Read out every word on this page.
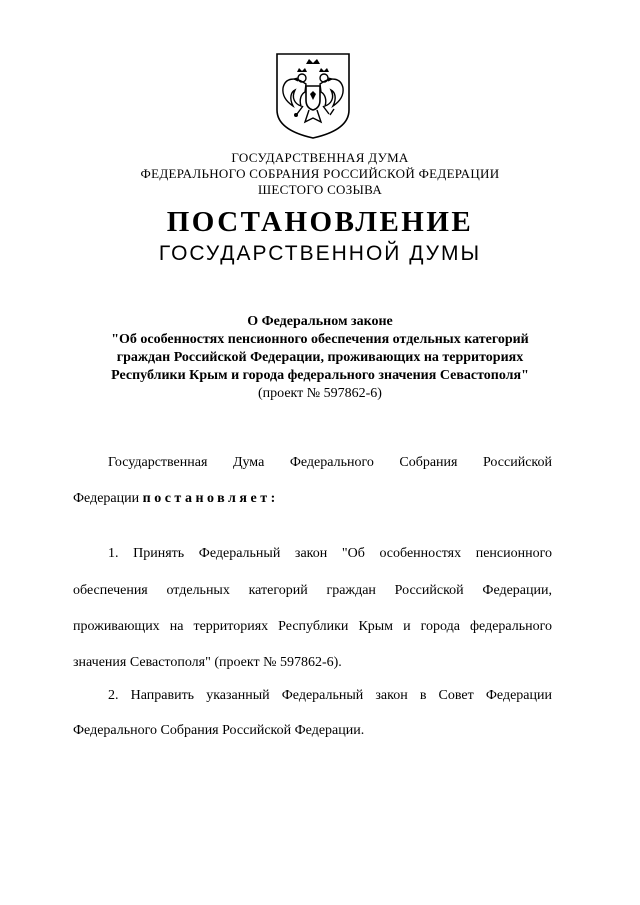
ГОСУДАРСТВЕННАЯ ДУМА
ФЕДЕРАЛЬНОГО СОБРАНИЯ РОССИЙСКОЙ ФЕДЕРАЦИИ
ШЕСТОГО СОЗЫВА
ПОСТАНОВЛЕНИЕ
ГОСУДАРСТВЕННОЙ ДУМЫ
О Федеральном законе
"Об особенностях пенсионного обеспечения отдельных категорий
граждан Российской Федерации, проживающих на территориях
Республики Крым и города федерального значения Севастополя"
(проект № 597862-6)
Государственная Дума Федерального Собрания Российской
Федерации постановляет:
1. Принять Федеральный закон "Об особенностях пенсионного
обеспечения отдельных категорий граждан Российской Федерации,
проживающих на территориях Республики Крым и города федерального
значения Севастополя" (проект № 597862-6).
2. Направить указанный Федеральный закон в Совет Федерации
Федерального Собрания Российской Федерации.
